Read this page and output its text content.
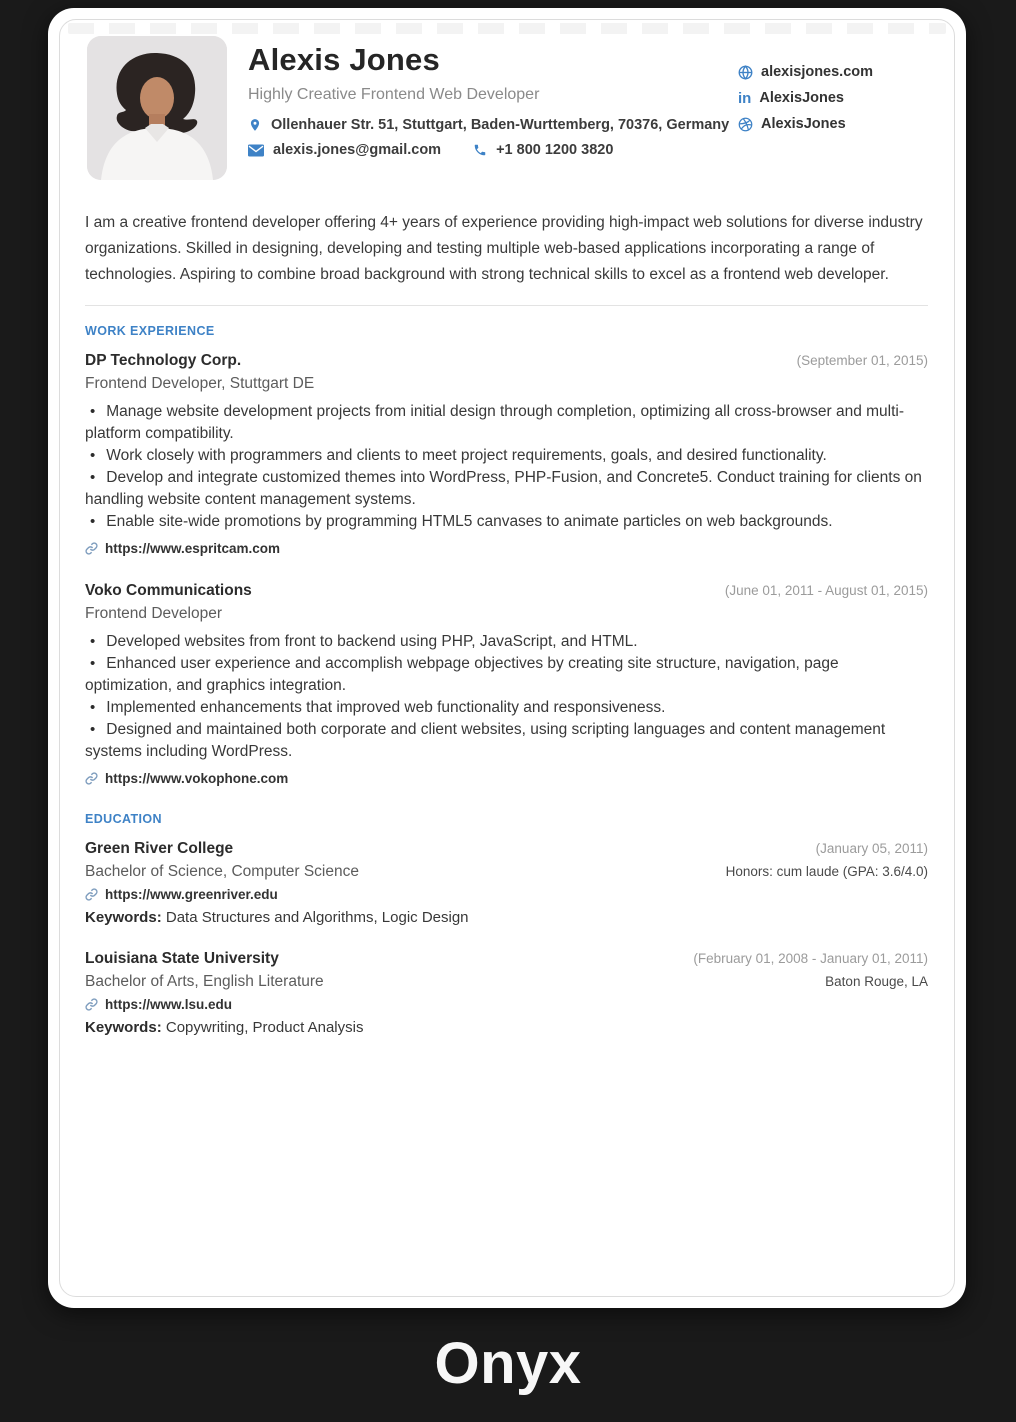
Alexis Jones
Highly Creative Frontend Web Developer
Ollenhauer Str. 51, Stuttgart, Baden-Wurttemberg, 70376, Germany
alexis.jones@gmail.com	+1 800 1200 3820
alexisjones.com
in AlexisJones
AlexisJones

I am a creative frontend developer offering 4+ years of experience providing high-impact web solutions for diverse industry organizations. Skilled in designing, developing and testing multiple web-based applications incorporating a range of technologies. Aspiring to combine broad background with strong technical skills to excel as a frontend web developer.

WORK EXPERIENCE
DP Technology Corp.	(September 01, 2015)
Frontend Developer, Stuttgart DE
• Manage website development projects from initial design through completion, optimizing all cross-browser and multi-platform compatibility.
• Work closely with programmers and clients to meet project requirements, goals, and desired functionality.
• Develop and integrate customized themes into WordPress, PHP-Fusion, and Concrete5. Conduct training for clients on handling website content management systems.
• Enable site-wide promotions by programming HTML5 canvases to animate particles on web backgrounds.
https://www.espritcam.com
Voko Communications	(June 01, 2011 - August 01, 2015)
Frontend Developer
• Developed websites from front to backend using PHP, JavaScript, and HTML.
• Enhanced user experience and accomplish webpage objectives by creating site structure, navigation, page optimization, and graphics integration.
• Implemented enhancements that improved web functionality and responsiveness.
• Designed and maintained both corporate and client websites, using scripting languages and content management systems including WordPress.
https://www.vokophone.com
EDUCATION
Green River College	(January 05, 2011)
Bachelor of Science, Computer Science	Honors: cum laude (GPA: 3.6/4.0)
https://www.greenriver.edu
Keywords: Data Structures and Algorithms, Logic Design
Louisiana State University	(February 01, 2008 - January 01, 2011)
Bachelor of Arts, English Literature	Baton Rouge, LA
https://www.lsu.edu
Keywords: Copywriting, Product Analysis
Onyx
